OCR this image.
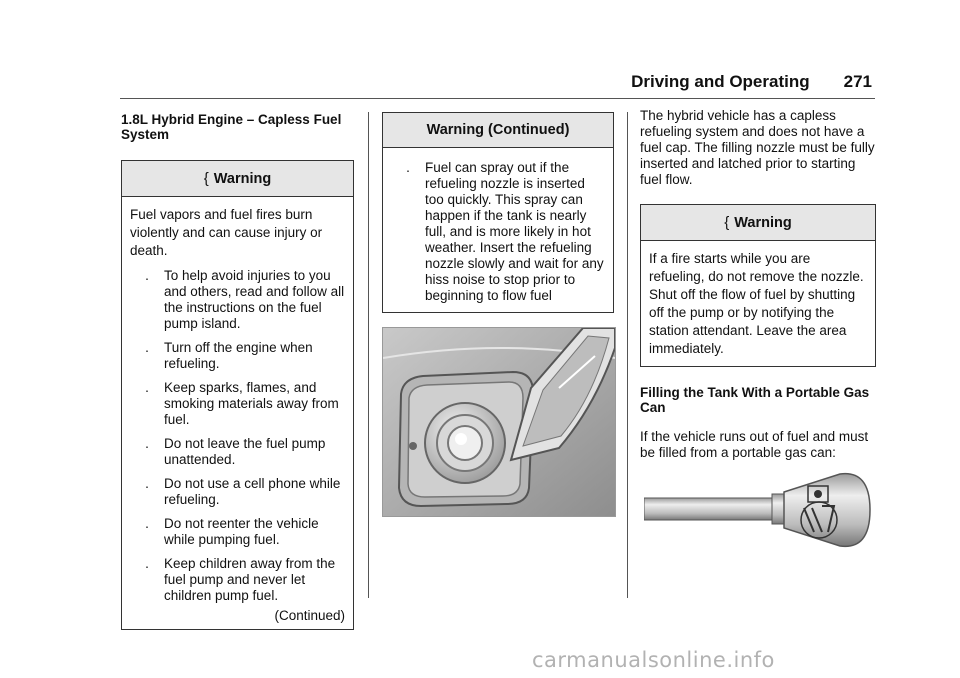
Driving and Operating 271

1.8L Hybrid Engine – Capless Fuel System

{ Warning
Fuel vapors and fuel fires burn violently and can cause injury or death.
.	To help avoid injuries to you and others, read and follow all the instructions on the fuel pump island.
.	Turn off the engine when refueling.
.	Keep sparks, flames, and smoking materials away from fuel.
.	Do not leave the fuel pump unattended.
.	Do not use a cell phone while refueling.
.	Do not reenter the vehicle while pumping fuel.
.	Keep children away from the fuel pump and never let children pump fuel.
(Continued)
Warning (Continued)
.	Fuel can spray out if the refueling nozzle is inserted too quickly. This spray can happen if the tank is nearly full, and is more likely in hot weather. Insert the refueling nozzle slowly and wait for any hiss noise to stop prior to beginning to flow fuel

The hybrid vehicle has a capless refueling system and does not have a fuel cap. The filling nozzle must be fully inserted and latched prior to starting fuel flow.

{ Warning
If a fire starts while you are refueling, do not remove the nozzle. Shut off the flow of fuel by shutting off the pump or by notifying the station attendant. Leave the area immediately.

Filling the Tank With a Portable Gas Can

If the vehicle runs out of fuel and must be filled from a portable gas can:

carmanualsonline.info
